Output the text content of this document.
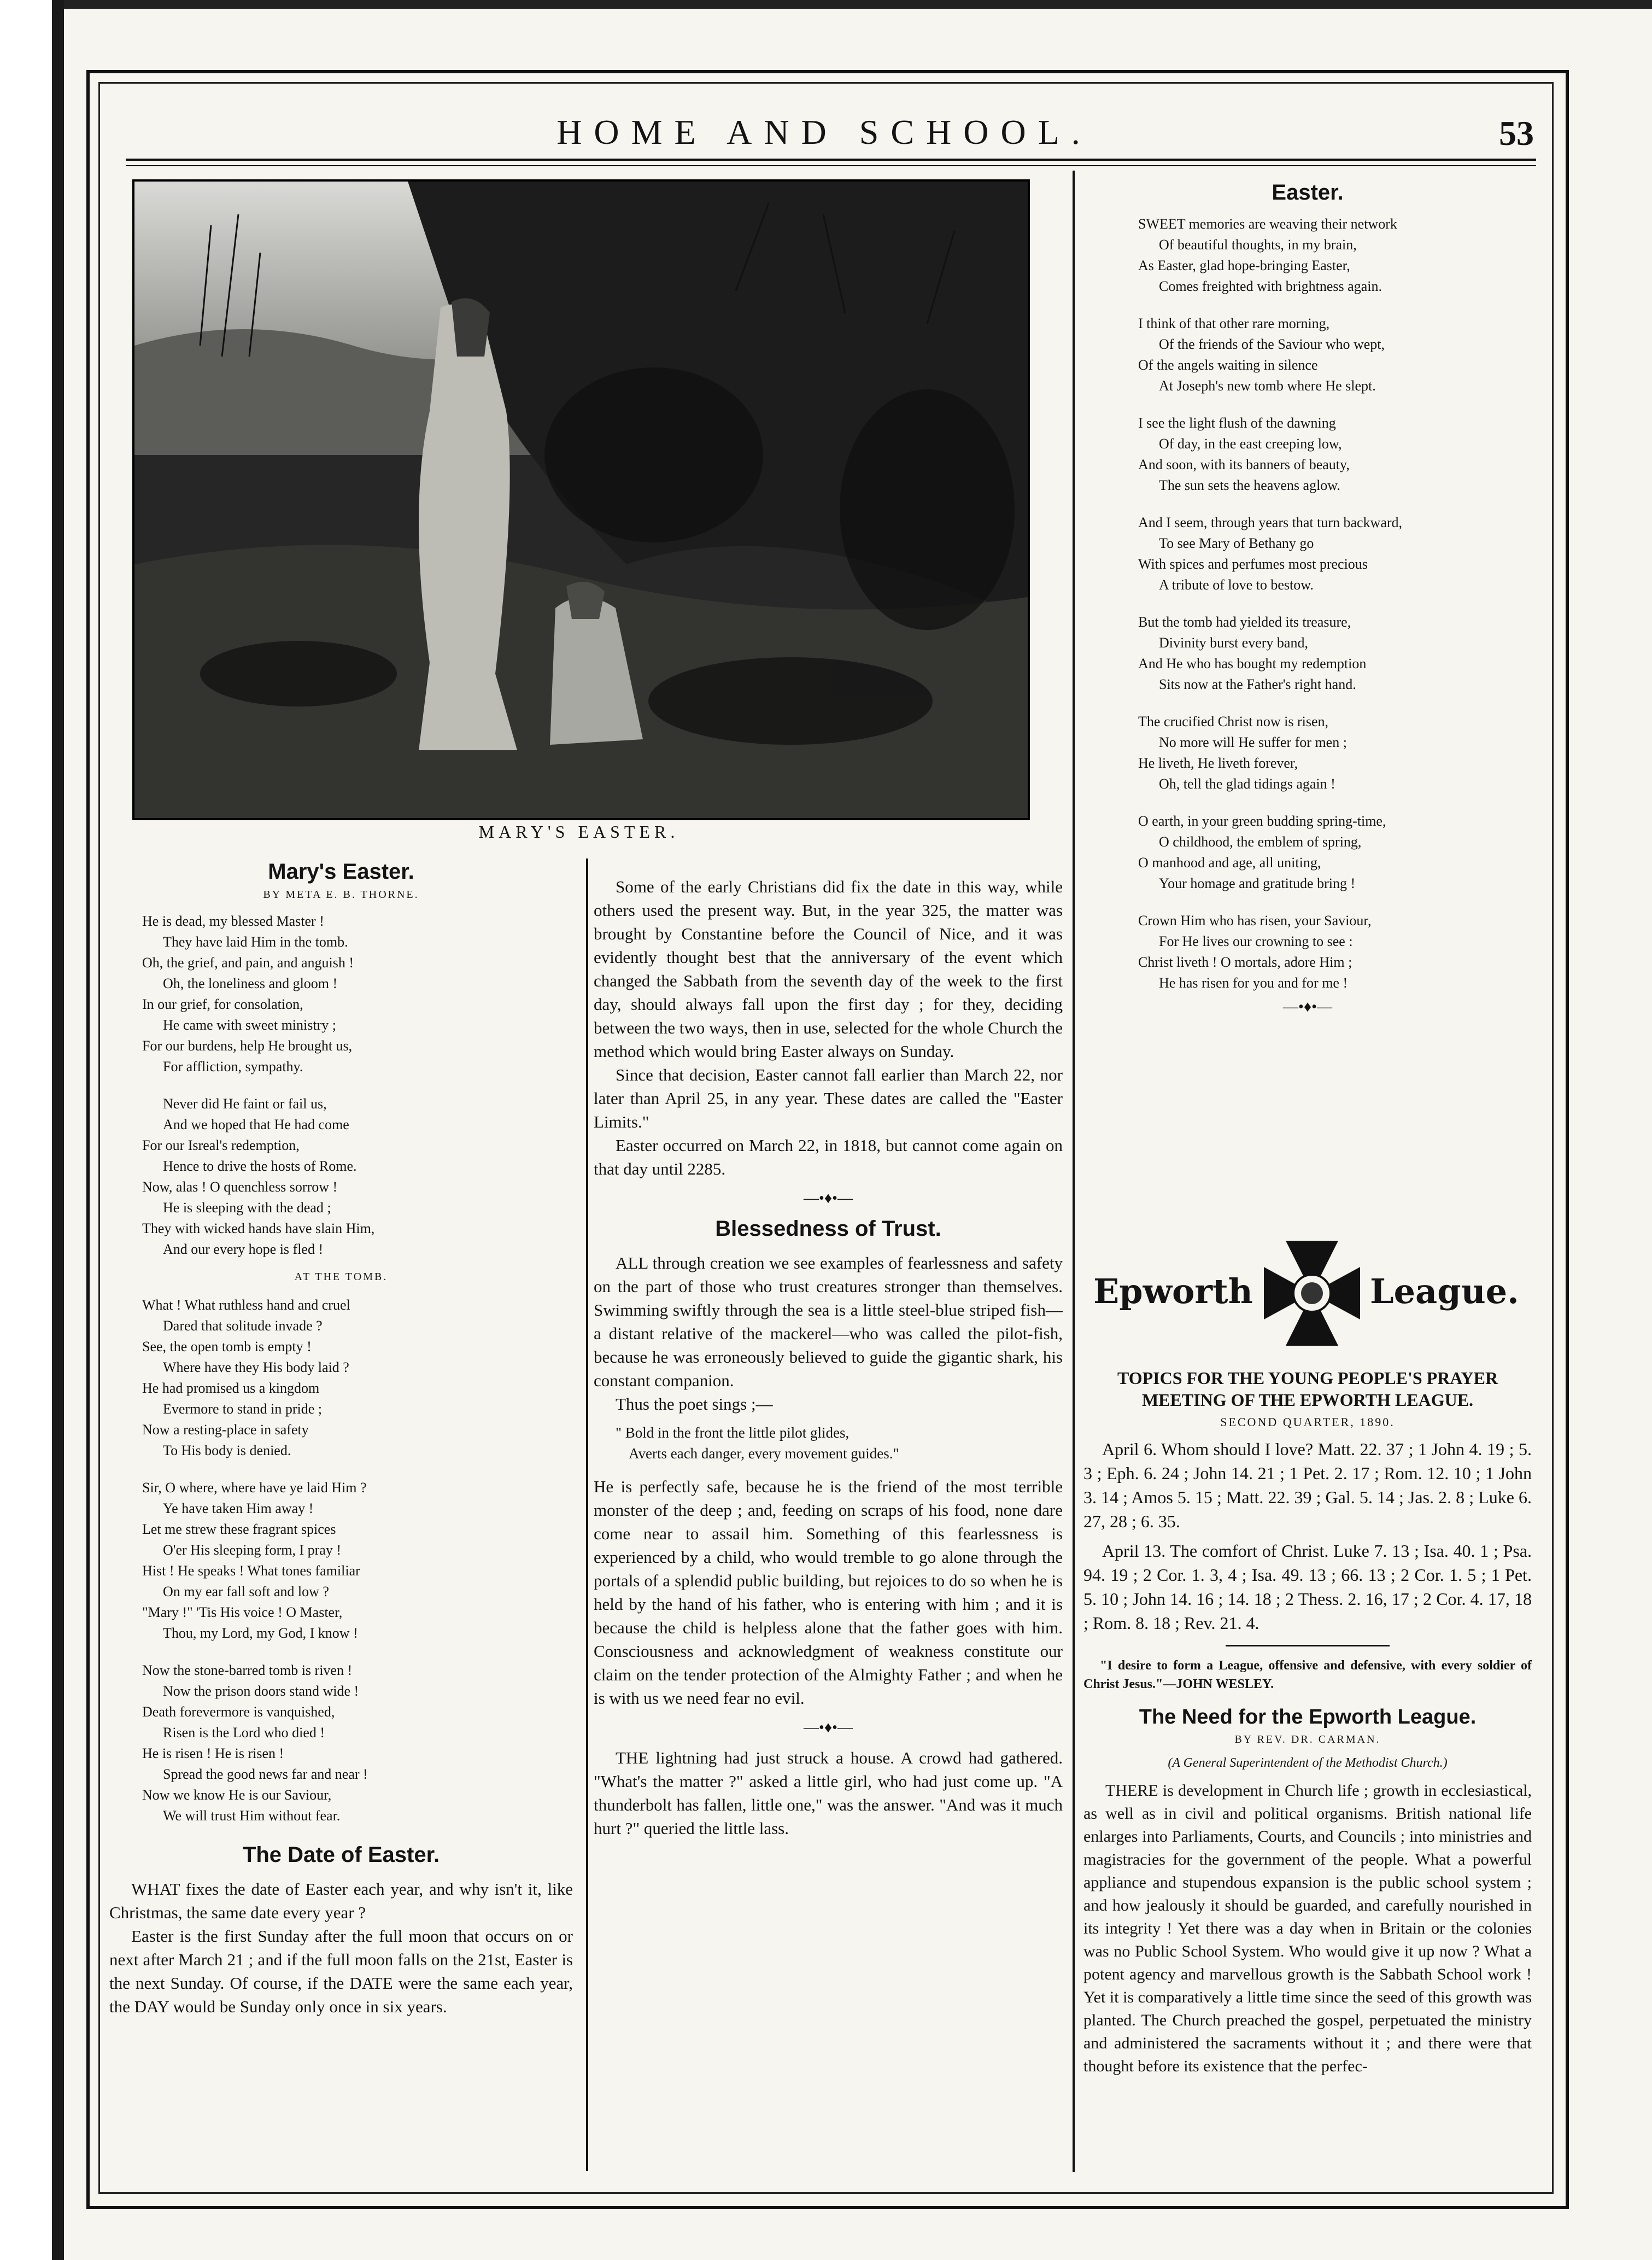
HOME AND SCHOOL.	53
MARY'S EASTER.
Mary's Easter.
BY META E. B. THORNE.

He is dead, my blessed Master !

They have laid Him in the tomb.

Oh, the grief, and pain, and anguish !

Oh, the loneliness and gloom !

In our grief, for consolation,

He came with sweet ministry ;

For our burdens, help He brought us,

For affliction, sympathy.

Never did He faint or fail us,

And we hoped that He had come

For our Isreal's redemption,

Hence to drive the hosts of Rome.

Now, alas ! O quenchless sorrow !

He is sleeping with the dead ;

They with wicked hands have slain Him,

And our every hope is fled !

AT THE TOMB.

What ! What ruthless hand and cruel

Dared that solitude invade ?

See, the open tomb is empty !

Where have they His body laid ?

He had promised us a kingdom

Evermore to stand in pride ;

Now a resting-place in safety

To His body is denied.

Sir, O where, where have ye laid Him ?

Ye have taken Him away !

Let me strew these fragrant spices

O'er His sleeping form, I pray !

Hist ! He speaks ! What tones familiar

On my ear fall soft and low ?

"Mary !" 'Tis His voice ! O Master,

Thou, my Lord, my God, I know !

Now the stone-barred tomb is riven !

Now the prison doors stand wide !

Death forevermore is vanquished,

Risen is the Lord who died !

He is risen ! He is risen !

Spread the good news far and near !

Now we know He is our Saviour,

We will trust Him without fear.

The Date of Easter.

WHAT fixes the date of Easter each year, and why isn't it, like Christmas, the same date every year ?

Easter is the first Sunday after the full moon that occurs on or next after March 21 ; and if the full moon falls on the 21st, Easter is the next Sunday. Of course, if the DATE were the same each year, the DAY would be Sunday only once in six years.

Some of the early Christians did fix the date in this way, while others used the present way. But, in the year 325, the matter was brought by Constantine before the Council of Nice, and it was evidently thought best that the anniversary of the event which changed the Sabbath from the seventh day of the week to the first day, should always fall upon the first day ; for they, deciding between the two ways, then in use, selected for the whole Church the method which would bring Easter always on Sunday.

Since that decision, Easter cannot fall earlier than March 22, nor later than April 25, in any year. These dates are called the "Easter Limits."

Easter occurred on March 22, in 1818, but cannot come again on that day until 2285.

—•♦•—
Blessedness of Trust.

ALL through creation we see examples of fearlessness and safety on the part of those who trust creatures stronger than themselves. Swimming swiftly through the sea is a little steel-blue striped fish—a distant relative of the mackerel—who was called the pilot-fish, because he was erroneously believed to guide the gigantic shark, his constant companion.

Thus the poet sings ;—

" Bold in the front the little pilot glides,
Averts each danger, every movement guides."

He is perfectly safe, because he is the friend of the most terrible monster of the deep ; and, feeding on scraps of his food, none dare come near to assail him. Something of this fearlessness is experienced by a child, who would tremble to go alone through the portals of a splendid public building, but rejoices to do so when he is held by the hand of his father, who is entering with him ; and it is because the child is helpless alone that the father goes with him. Consciousness and acknowledgment of weakness constitute our claim on the tender protection of the Almighty Father ; and when he is with us we need fear no evil.

—•♦•—

THE lightning had just struck a house. A crowd had gathered. "What's the matter ?" asked a little girl, who had just come up. "A thunderbolt has fallen, little one," was the answer. "And was it much hurt ?" queried the little lass.

Easter.

SWEET memories are weaving their network

Of beautiful thoughts, in my brain,

As Easter, glad hope-bringing Easter,

Comes freighted with brightness again.

I think of that other rare morning,

Of the friends of the Saviour who wept,

Of the angels waiting in silence

At Joseph's new tomb where He slept.

I see the light flush of the dawning

Of day, in the east creeping low,

And soon, with its banners of beauty,

The sun sets the heavens aglow.

And I seem, through years that turn backward,

To see Mary of Bethany go

With spices and perfumes most precious

A tribute of love to bestow.

But the tomb had yielded its treasure,

Divinity burst every band,

And He who has bought my redemption

Sits now at the Father's right hand.

The crucified Christ now is risen,

No more will He suffer for men ;

He liveth, He liveth forever,

Oh, tell the glad tidings again !

O earth, in your green budding spring-time,

O childhood, the emblem of spring,

O manhood and age, all uniting,

Your homage and gratitude bring !

Crown Him who has risen, your Saviour,

For He lives our crowning to see :

Christ liveth ! O mortals, adore Him ;

He has risen for you and for me !

—•♦•—
Epworth	League.
TOPICS FOR THE YOUNG PEOPLE'S PRAYER MEETING OF THE EPWORTH LEAGUE.
SECOND QUARTER, 1890.

April 6. Whom should I love? Matt. 22. 37 ; 1 John 4. 19 ; 5. 3 ; Eph. 6. 24 ; John 14. 21 ; 1 Pet. 2. 17 ; Rom. 12. 10 ; 1 John 3. 14 ; Amos 5. 15 ; Matt. 22. 39 ; Gal. 5. 14 ; Jas. 2. 8 ; Luke 6. 27, 28 ; 6. 35.

April 13. The comfort of Christ. Luke 7. 13 ; Isa. 40. 1 ; Psa. 94. 19 ; 2 Cor. 1. 3, 4 ; Isa. 49. 13 ; 66. 13 ; 2 Cor. 1. 5 ; 1 Pet. 5. 10 ; John 14. 16 ; 14. 18 ; 2 Thess. 2. 16, 17 ; 2 Cor. 4. 17, 18 ; Rom. 8. 18 ; Rev. 21. 4.

"I desire to form a League, offensive and defensive, with every soldier of Christ Jesus."—JOHN WESLEY.
The Need for the Epworth League.
BY REV. DR. CARMAN.
(A General Superintendent of the Methodist Church.)

THERE is development in Church life ; growth in ecclesiastical, as well as in civil and political organisms. British national life enlarges into Parliaments, Courts, and Councils ; into ministries and magistracies for the government of the people. What a powerful appliance and stupendous expansion is the public school system ; and how jealously it should be guarded, and carefully nourished in its integrity ! Yet there was a day when in Britain or the colonies was no Public School System. Who would give it up now ? What a potent agency and marvellous growth is the Sabbath School work ! Yet it is comparatively a little time since the seed of this growth was planted. The Church preached the gospel, perpetuated the ministry and administered the sacraments without it ; and there were that thought before its existence that the perfec-
